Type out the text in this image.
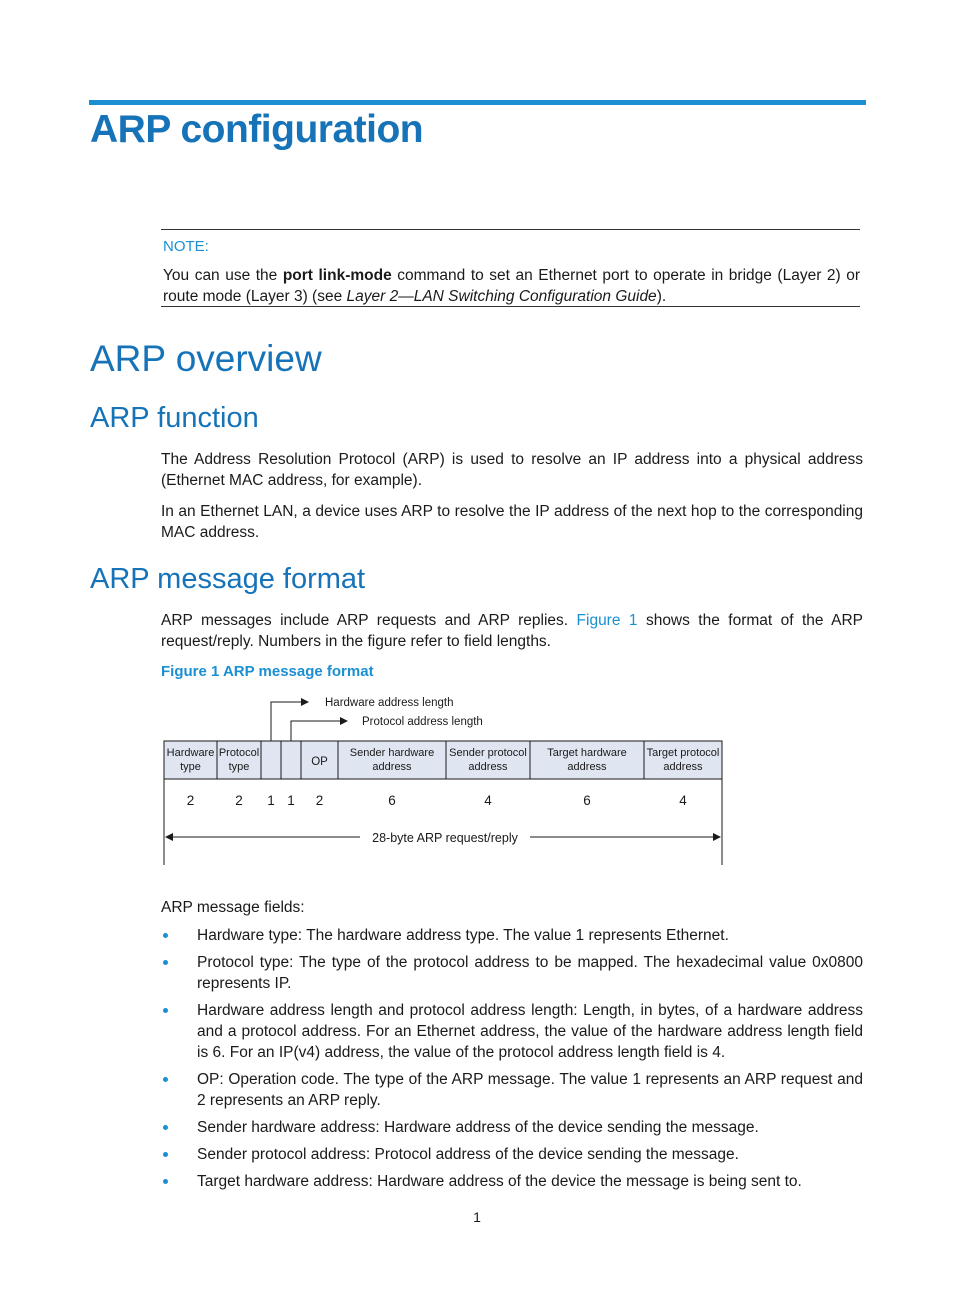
ARP configuration
NOTE:
You can use the port link-mode command to set an Ethernet port to operate in bridge (Layer 2) or route mode (Layer 3) (see Layer 2—LAN Switching Configuration Guide).
ARP overview
ARP function
The Address Resolution Protocol (ARP) is used to resolve an IP address into a physical address (Ethernet MAC address, for example).
In an Ethernet LAN, a device uses ARP to resolve the IP address of the next hop to the corresponding MAC address.
ARP message format
ARP messages include ARP requests and ARP replies. Figure 1 shows the format of the ARP request/reply. Numbers in the figure refer to field lengths.
Figure 1 ARP message format
Hardware address length
Protocol address length
Hardware
type
2
Protocol
type
2 1 1
OP
2
Sender hardware
address
6
Sender protocol
address
4
Target hardware
address
6
Target protocol
address
4
28-byte ARP request/reply
ARP message fields:
Hardware type: The hardware address type. The value 1 represents Ethernet.
Protocol type: The type of the protocol address to be mapped. The hexadecimal value 0x0800 represents IP.
Hardware address length and protocol address length: Length, in bytes, of a hardware address and a protocol address. For an Ethernet address, the value of the hardware address length field is 6. For an IP(v4) address, the value of the protocol address length field is 4.
OP: Operation code. The type of the ARP message. The value 1 represents an ARP request and 2 represents an ARP reply.
Sender hardware address: Hardware address of the device sending the message.
Sender protocol address: Protocol address of the device sending the message.
Target hardware address: Hardware address of the device the message is being sent to.
1
